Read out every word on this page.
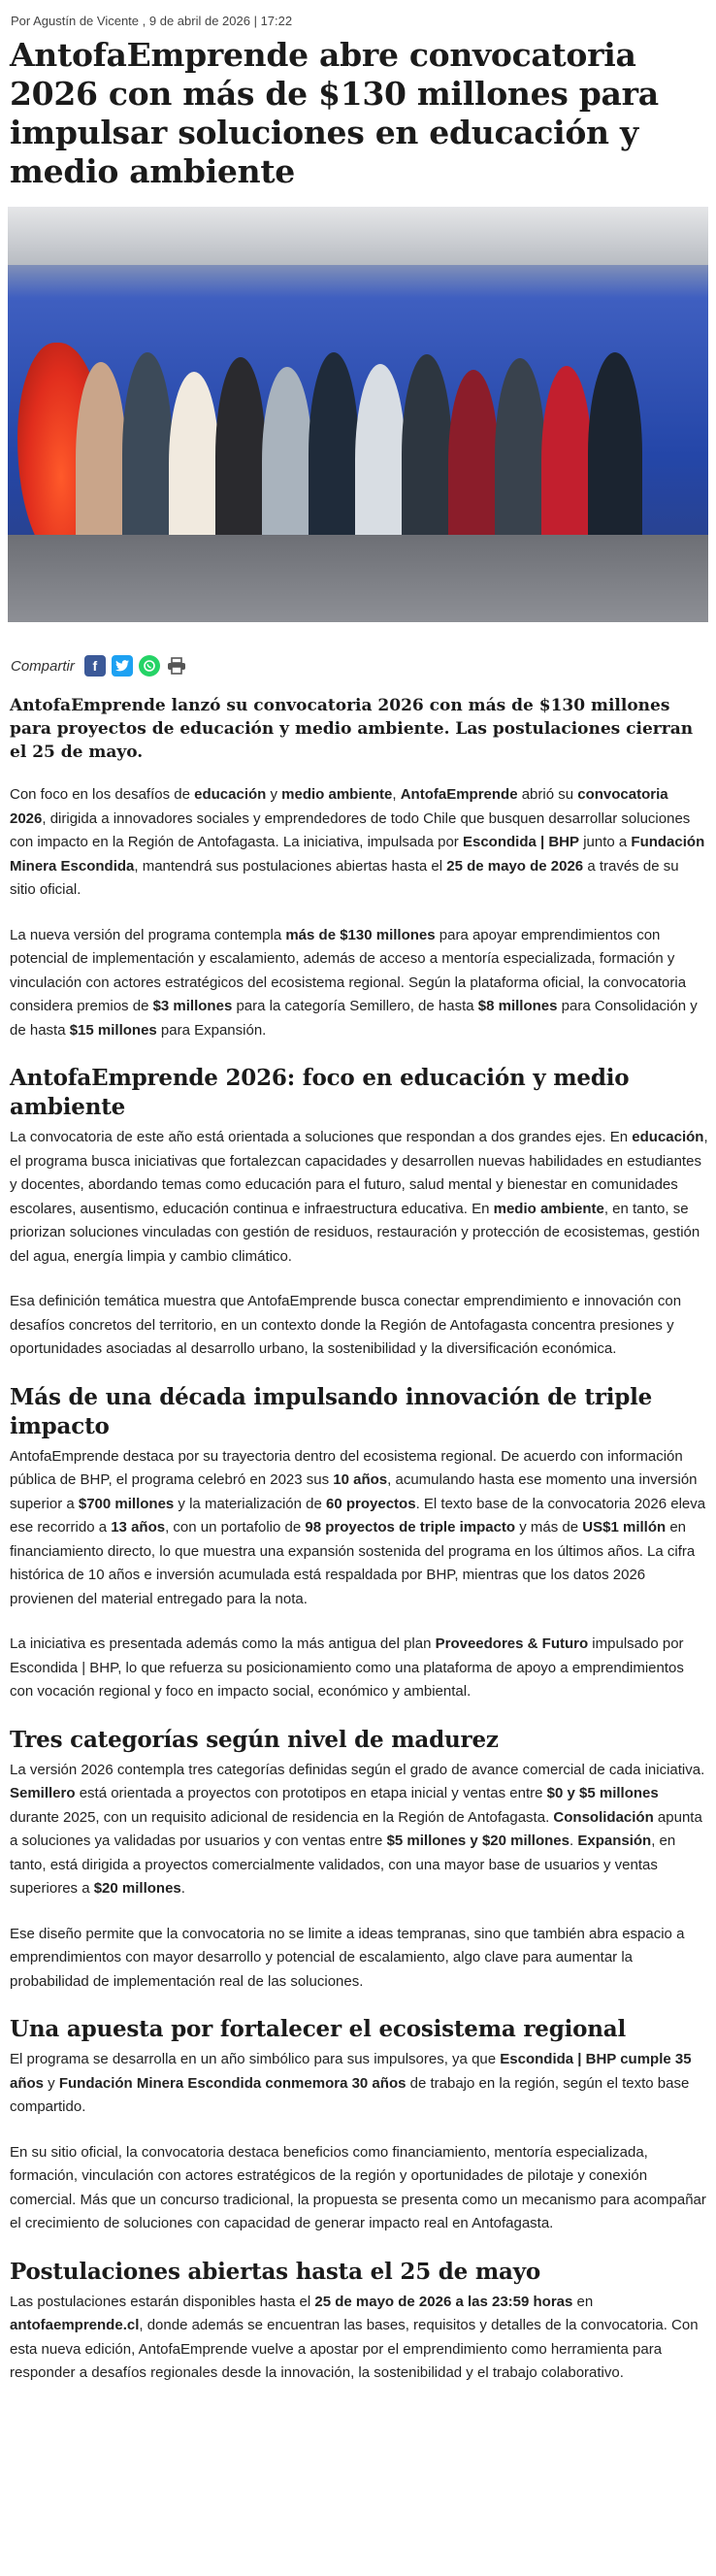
Por Agustín de Vicente , 9 de abril de 2026 | 17:22
AntofaEmprende abre convocatoria 2026 con más de $130 millones para impulsar soluciones en educación y medio ambiente
Compartir	f
AntofaEmprende lanzó su convocatoria 2026 con más de $130 millones para proyectos de educación y medio ambiente. Las postulaciones cierran el 25 de mayo.

Con foco en los desafíos de educación y medio ambiente, AntofaEmprende abrió su convocatoria 2026, dirigida a innovadores sociales y emprendedores de todo Chile que busquen desarrollar soluciones con impacto en la Región de Antofagasta. La iniciativa, impulsada por Escondida | BHP junto a Fundación Minera Escondida, mantendrá sus postulaciones abiertas hasta el 25 de mayo de 2026 a través de su sitio oficial.

La nueva versión del programa contempla más de $130 millones para apoyar emprendimientos con potencial de implementación y escalamiento, además de acceso a mentoría especializada, formación y vinculación con actores estratégicos del ecosistema regional. Según la plataforma oficial, la convocatoria considera premios de $3 millones para la categoría Semillero, de hasta $8 millones para Consolidación y de hasta $15 millones para Expansión.

AntofaEmprende 2026: foco en educación y medio ambiente

La convocatoria de este año está orientada a soluciones que respondan a dos grandes ejes. En educación, el programa busca iniciativas que fortalezcan capacidades y desarrollen nuevas habilidades en estudiantes y docentes, abordando temas como educación para el futuro, salud mental y bienestar en comunidades escolares, ausentismo, educación continua e infraestructura educativa. En medio ambiente, en tanto, se priorizan soluciones vinculadas con gestión de residuos, restauración y protección de ecosistemas, gestión del agua, energía limpia y cambio climático.

Esa definición temática muestra que AntofaEmprende busca conectar emprendimiento e innovación con desafíos concretos del territorio, en un contexto donde la Región de Antofagasta concentra presiones y oportunidades asociadas al desarrollo urbano, la sostenibilidad y la diversificación económica.

Más de una década impulsando innovación de triple impacto

AntofaEmprende destaca por su trayectoria dentro del ecosistema regional. De acuerdo con información pública de BHP, el programa celebró en 2023 sus 10 años, acumulando hasta ese momento una inversión superior a $700 millones y la materialización de 60 proyectos. El texto base de la convocatoria 2026 eleva ese recorrido a 13 años, con un portafolio de 98 proyectos de triple impacto y más de US$1 millón en financiamiento directo, lo que muestra una expansión sostenida del programa en los últimos años. La cifra histórica de 10 años e inversión acumulada está respaldada por BHP, mientras que los datos 2026 provienen del material entregado para la nota.

La iniciativa es presentada además como la más antigua del plan Proveedores & Futuro impulsado por Escondida | BHP, lo que refuerza su posicionamiento como una plataforma de apoyo a emprendimientos con vocación regional y foco en impacto social, económico y ambiental.

Tres categorías según nivel de madurez

La versión 2026 contempla tres categorías definidas según el grado de avance comercial de cada iniciativa. Semillero está orientada a proyectos con prototipos en etapa inicial y ventas entre $0 y $5 millones durante 2025, con un requisito adicional de residencia en la Región de Antofagasta. Consolidación apunta a soluciones ya validadas por usuarios y con ventas entre $5 millones y $20 millones. Expansión, en tanto, está dirigida a proyectos comercialmente validados, con una mayor base de usuarios y ventas superiores a $20 millones.

Ese diseño permite que la convocatoria no se limite a ideas tempranas, sino que también abra espacio a emprendimientos con mayor desarrollo y potencial de escalamiento, algo clave para aumentar la probabilidad de implementación real de las soluciones.

Una apuesta por fortalecer el ecosistema regional

El programa se desarrolla en un año simbólico para sus impulsores, ya que Escondida | BHP cumple 35 años y Fundación Minera Escondida conmemora 30 años de trabajo en la región, según el texto base compartido.

En su sitio oficial, la convocatoria destaca beneficios como financiamiento, mentoría especializada, formación, vinculación con actores estratégicos de la región y oportunidades de pilotaje y conexión comercial. Más que un concurso tradicional, la propuesta se presenta como un mecanismo para acompañar el crecimiento de soluciones con capacidad de generar impacto real en Antofagasta.

Postulaciones abiertas hasta el 25 de mayo

Las postulaciones estarán disponibles hasta el 25 de mayo de 2026 a las 23:59 horas en antofaemprende.cl, donde además se encuentran las bases, requisitos y detalles de la convocatoria. Con esta nueva edición, AntofaEmprende vuelve a apostar por el emprendimiento como herramienta para responder a desafíos regionales desde la innovación, la sostenibilidad y el trabajo colaborativo.
